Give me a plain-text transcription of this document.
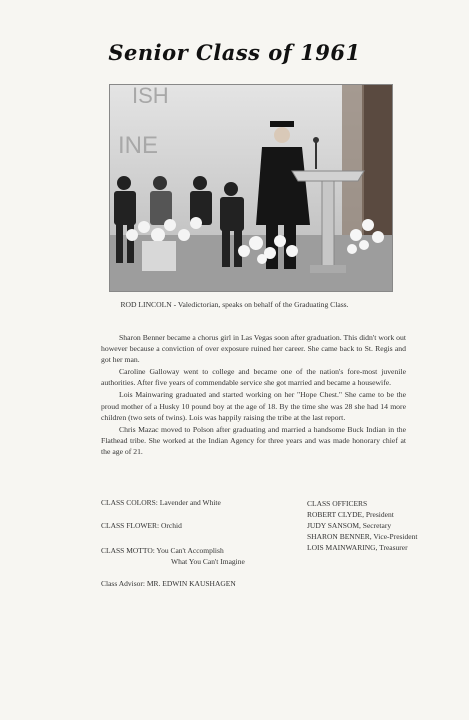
Senior Class of 1961
ISH
INE
ROD LINCOLN - Valedictorian, speaks on behalf of the Graduating Class.

Sharon Benner became a chorus girl in Las Vegas soon after graduation. This didn't work out however because a conviction of over exposure ruined her career. She came back to St. Regis and got her man.

Caroline Galloway went to college and became one of the nation's fore-most juvenile authorities. After five years of commendable service she got married and became a housewife.

Lois Mainwaring graduated and started working on her "Hope Chest." She came to be the proud mother of a Husky 10 pound boy at the age of 18. By the time she was 28 she had 14 more children (two sets of twins). Lois was happily raising the tribe at the last report.

Chris Mazac moved to Polson after graduating and married a handsome Buck Indian in the Flathead tribe. She worked at the Indian Agency for three years and was made honorary chief at the age of 21.

CLASS COLORS: Lavender and White
CLASS FLOWER: Orchid
CLASS MOTTO: You Can't Accomplish
What You Can't Imagine
Class Advisor: MR. EDWIN KAUSHAGEN
CLASS OFFICERS
ROBERT CLYDE, President
JUDY SANSOM, Secretary
SHARON BENNER, Vice-President
LOIS MAINWARING, Treasurer
